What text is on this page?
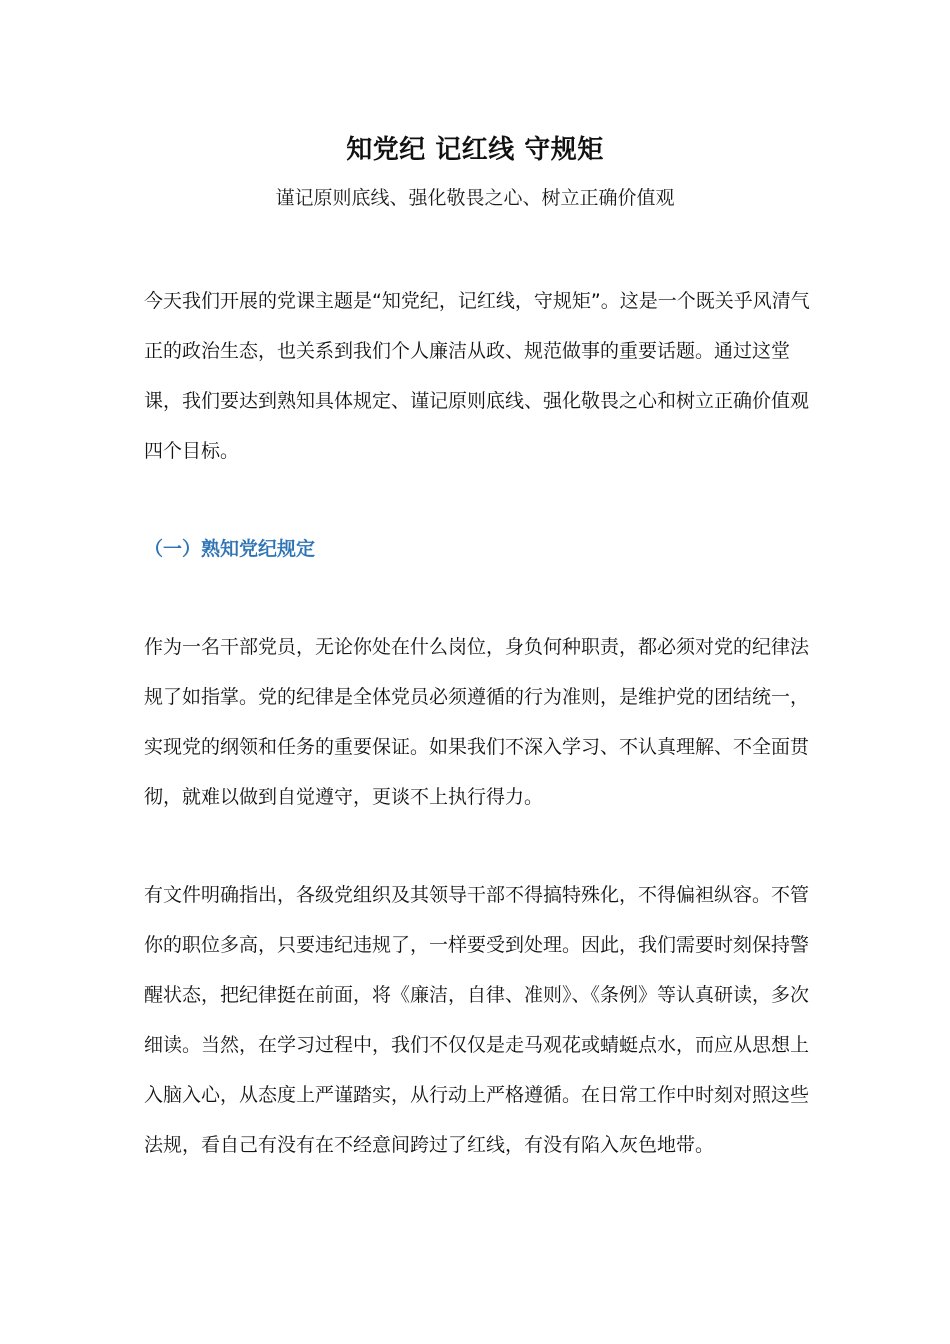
知党纪 记红线 守规矩
谨记原则底线、强化敬畏之心、树立正确价值观

今天我们开展的党课主题是“知党纪，记红线，守规矩”。这是一个既关乎风清气正的政治生态，也关系到我们个人廉洁从政、规范做事的重要话题。通过这堂课，我们要达到熟知具体规定、谨记原则底线、强化敬畏之心和树立正确价值观四个目标。

（一）熟知党纪规定

作为一名干部党员，无论你处在什么岗位，身负何种职责，都必须对党的纪律法规了如指掌。党的纪律是全体党员必须遵循的行为准则，是维护党的团结统一，实现党的纲领和任务的重要保证。如果我们不深入学习、不认真理解、不全面贯彻，就难以做到自觉遵守，更谈不上执行得力。

有文件明确指出，各级党组织及其领导干部不得搞特殊化，不得偏袒纵容。不管你的职位多高，只要违纪违规了，一样要受到处理。因此，我们需要时刻保持警醒状态，把纪律挺在前面，将《廉洁，自律、准则》、《条例》等认真研读，多次细读。当然，在学习过程中，我们不仅仅是走马观花或蜻蜓点水，而应从思想上入脑入心，从态度上严谨踏实，从行动上严格遵循。在日常工作中时刻对照这些法规，看自己有没有在不经意间跨过了红线，有没有陷入灰色地带。
